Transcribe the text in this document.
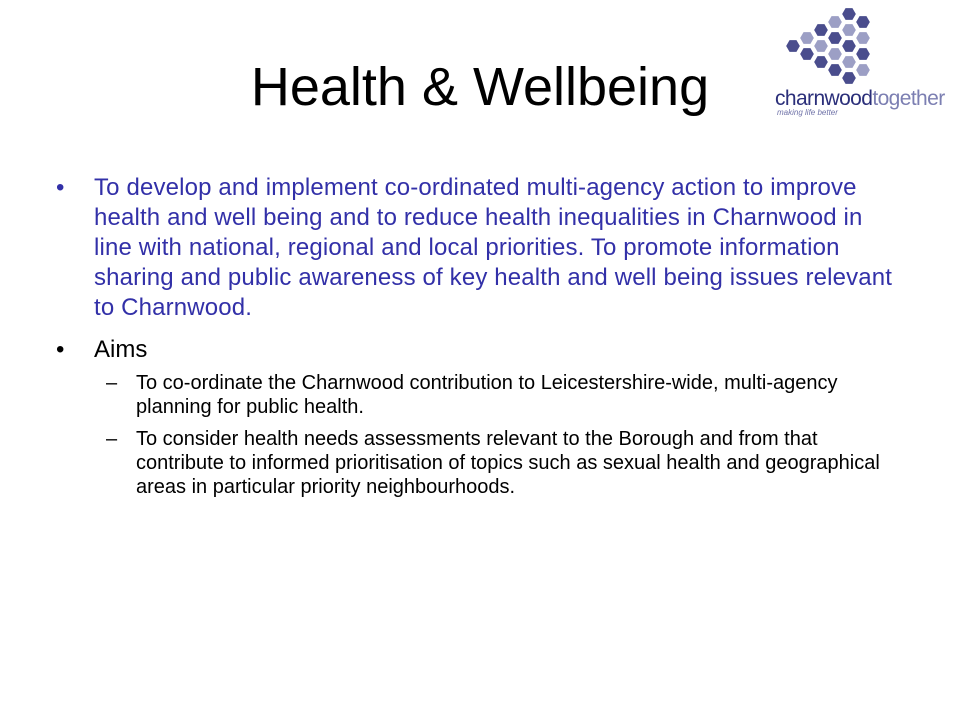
Health & Wellbeing	charnwoodtogether
making life better
• To develop and implement co-ordinated multi-agency action to improve health and well being and to reduce health inequalities in Charnwood in line with national, regional and local priorities. To promote information sharing and public awareness of key health and well being issues relevant to Charnwood.
• Aims
– To co-ordinate the Charnwood contribution to Leicestershire-wide, multi-agency planning for public health.
– To consider health needs assessments relevant to the Borough and from that contribute to informed prioritisation of topics such as sexual health and geographical areas in particular priority neighbourhoods.
